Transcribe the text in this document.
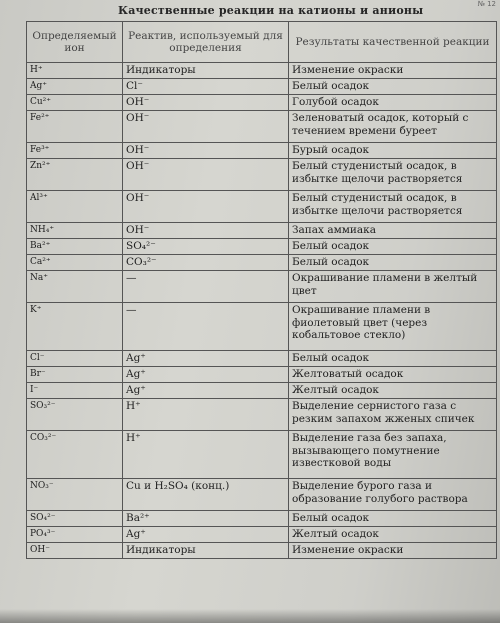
№ 12
Качественные реакции на катионы и анионы
Определяемый ион	Реактив, используемый для определения	Результаты качественной реакции
H⁺	Индикаторы	Изменение окраски
Ag⁺	Cl⁻	Белый осадок
Cu²⁺	OH⁻	Голубой осадок
Fe²⁺	OH⁻	Зеленоватый осадок, который с течением времени буреет
Fe³⁺	OH⁻	Бурый осадок
Zn²⁺	OH⁻	Белый студенистый осадок, в избытке щелочи растворяется
Al³⁺	OH⁻	Белый студенистый осадок, в избытке щелочи растворяется
NH₄⁺	OH⁻	Запах аммиака
Ba²⁺	SO₄²⁻	Белый осадок
Ca²⁺	CO₃²⁻	Белый осадок
Na⁺	—	Окрашивание пламени в желтый цвет
K⁺	—	Окрашивание пламени в фиолетовый цвет (через кобальтовое стекло)
Cl⁻	Ag⁺	Белый осадок
Br⁻	Ag⁺	Желтоватый осадок
I⁻	Ag⁺	Желтый осадок
SO₃²⁻	H⁺	Выделение сернистого газа с резким запахом жженых спичек
CO₃²⁻	H⁺	Выделение газа без запаха, вызывающего помутнение известковой воды
NO₃⁻	Cu и H₂SO₄ (конц.)	Выделение бурого газа и образование голубого раствора
SO₄²⁻	Ba²⁺	Белый осадок
PO₄³⁻	Ag⁺	Желтый осадок
OH⁻	Индикаторы	Изменение окраски
